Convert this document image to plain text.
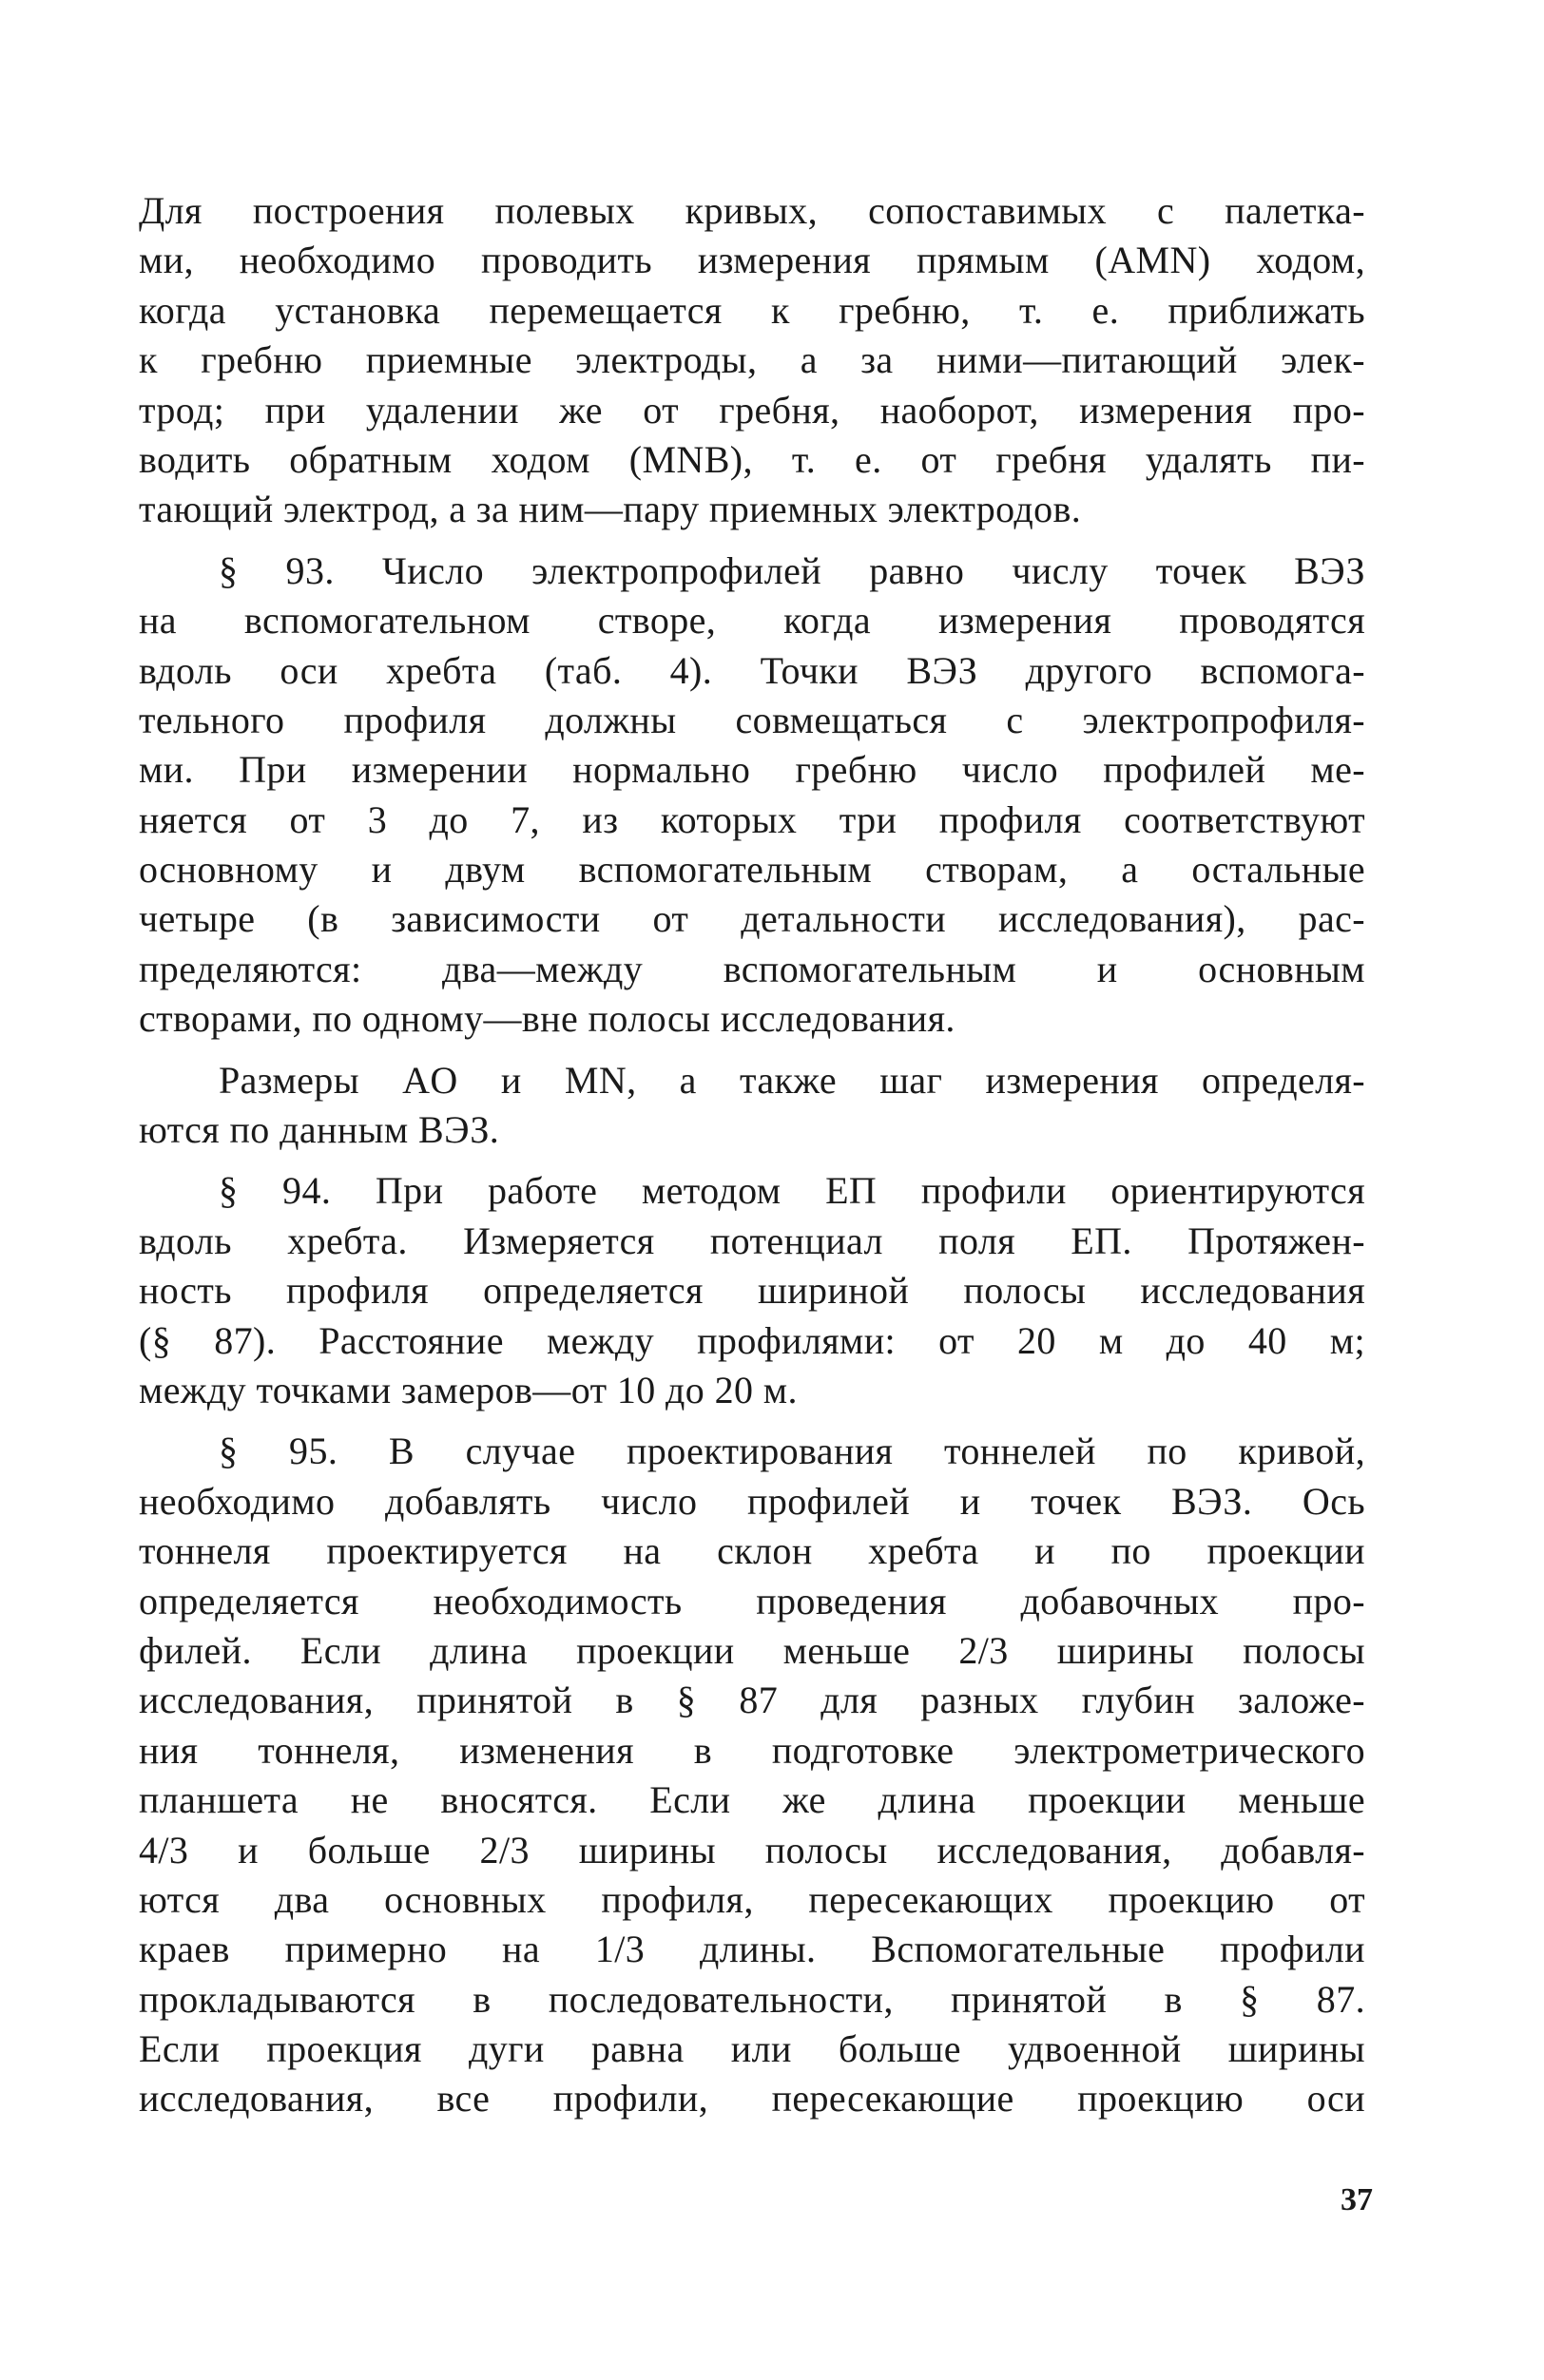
Для построения полевых кривых, сопоставимых с палетка-
ми, необходимо проводить измерения прямым (AMN) ходом,
когда установка перемещается к гребню, т. е. приближать
к гребню приемные электроды, а за ними—питающий элек-
трод; при удалении же от гребня, наоборот, измерения про-
водить обратным ходом (MNB), т. е. от гребня удалять пи-
тающий электрод, а за ним—пару приемных электродов.
§ 93. Число электропрофилей равно числу точек ВЭЗ
на вспомогательном створе, когда измерения проводятся
вдоль оси хребта (таб. 4). Точки ВЭЗ другого вспомога-
тельного профиля должны совмещаться с электропрофиля-
ми. При измерении нормально гребню число профилей ме-
няется от 3 до 7, из которых три профиля соответствуют
основному и двум вспомогательным створам, а остальные
четыре (в зависимости от детальности исследования), рас-
пределяются: два—между вспомогательным и основным
створами, по одному—вне полосы исследования.
Размеры AO и MN, а также шаг измерения определя-
ются по данным ВЭЗ.
§ 94. При работе методом ЕП профили ориентируются
вдоль хребта. Измеряется потенциал поля ЕП. Протяжен-
ность профиля определяется шириной полосы исследования
(§ 87). Расстояние между профилями: от 20 м до 40 м;
между точками замеров—от 10 до 20 м.
§ 95. В случае проектирования тоннелей по кривой,
необходимо добавлять число профилей и точек ВЭЗ. Ось
тоннеля проектируется на склон хребта и по проекции
определяется необходимость проведения добавочных про-
филей. Если длина проекции меньше 2/3 ширины полосы
исследования, принятой в § 87 для разных глубин заложе-
ния тоннеля, изменения в подготовке электрометрического
планшета не вносятся. Если же длина проекции меньше
4/3 и больше 2/3 ширины полосы исследования, добавля-
ются два основных профиля, пересекающих проекцию от
краев примерно на 1/3 длины. Вспомогательные профили
прокладываются в последовательности, принятой в § 87.
Если проекция дуги равна или больше удвоенной ширины
исследования, все профили, пересекающие проекцию оси
37
